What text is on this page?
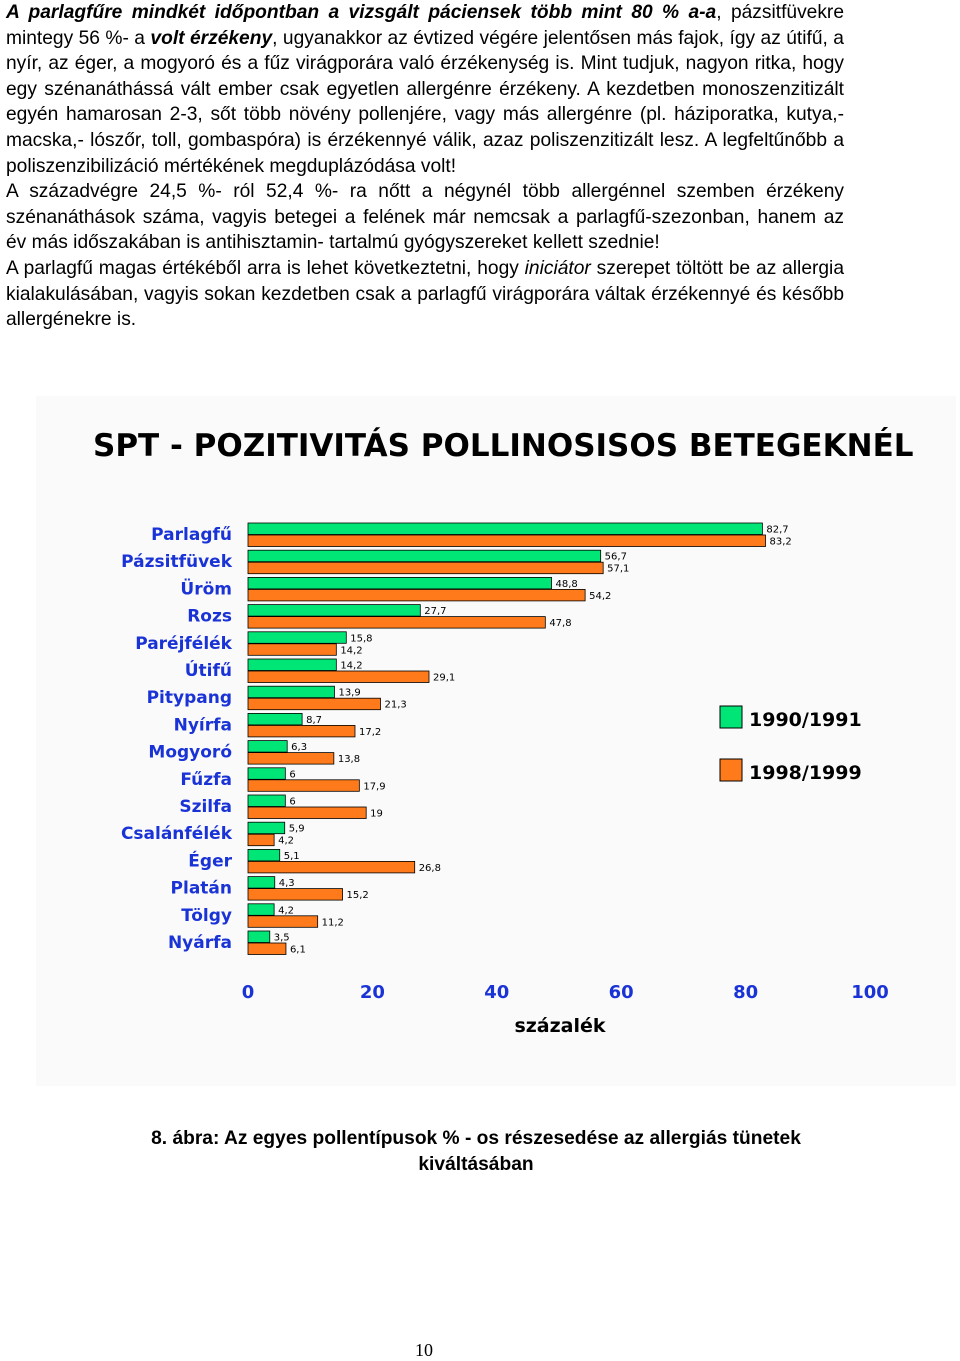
A parlagfűre mindkét időpontban a vizsgált páciensek több mint 80 % a-a, pázsitfüvekre mintegy 56 %- a volt érzékeny, ugyanakkor az évtized végére jelentősen más fajok, így az útifű, a nyír, az éger, a mogyoró és a fűz virágporára való érzékenység is. Mint tudjuk, nagyon ritka, hogy egy szénanáthássá vált ember csak egyetlen allergénre érzékeny. A kezdetben monoszenzitizált egyén hamarosan 2-3, sőt több növény pollenjére, vagy más allergénre (pl. háziporatka, kutya,- macska,- lószőr, toll, gombaspóra) is érzékennyé válik, azaz poliszenzitizált lesz. A legfeltűnőbb a poliszenzibilizáció mértékének megduplázódása volt!

A századvégre 24,5 %- ról 52,4 %- ra nőtt a négynél több allergénnel szemben érzékeny szénanáthások száma, vagyis betegei a felének már nemcsak a parlagfű-szezonban, hanem az év más időszakában is antihisztamin- tartalmú gyógyszereket kellett szednie!

A parlagfű magas értékéből arra is lehet következtetni, hogy iniciátor szerepet töltött be az allergia kialakulásában, vagyis sokan kezdetben csak a parlagfű virágporára váltak érzékennyé és később allergénekre is.

SPT - POZITIVITÁS POLLINOSISOS BETEGEKNÉL
százalék
82,7
83,2
56,7
57,1
48,8
54,2
27,7
47,8
15,8
14,2
14,2
29,1
13,9
21,3
8,7
17,2
6,3
13,8
6
17,9
6
19
5,9
4,2
5,1
26,8
4,3
15,2
4,2
11,2
3,5
6,1
Parlagfű
Pázsitfüvek
Üröm
Rozs
Paréjfélék
Útifű
Pitypang
Nyírfa
Mogyoró
Fűzfa
Szilfa
Csalánfélék
Éger
Platán
Tölgy
Nyárfa
0	20	40	60	80	100
1990/1991
1998/1999
8. ábra: Az egyes pollentípusok % - os részesedése az allergiás tünetek
kiváltásában
10
